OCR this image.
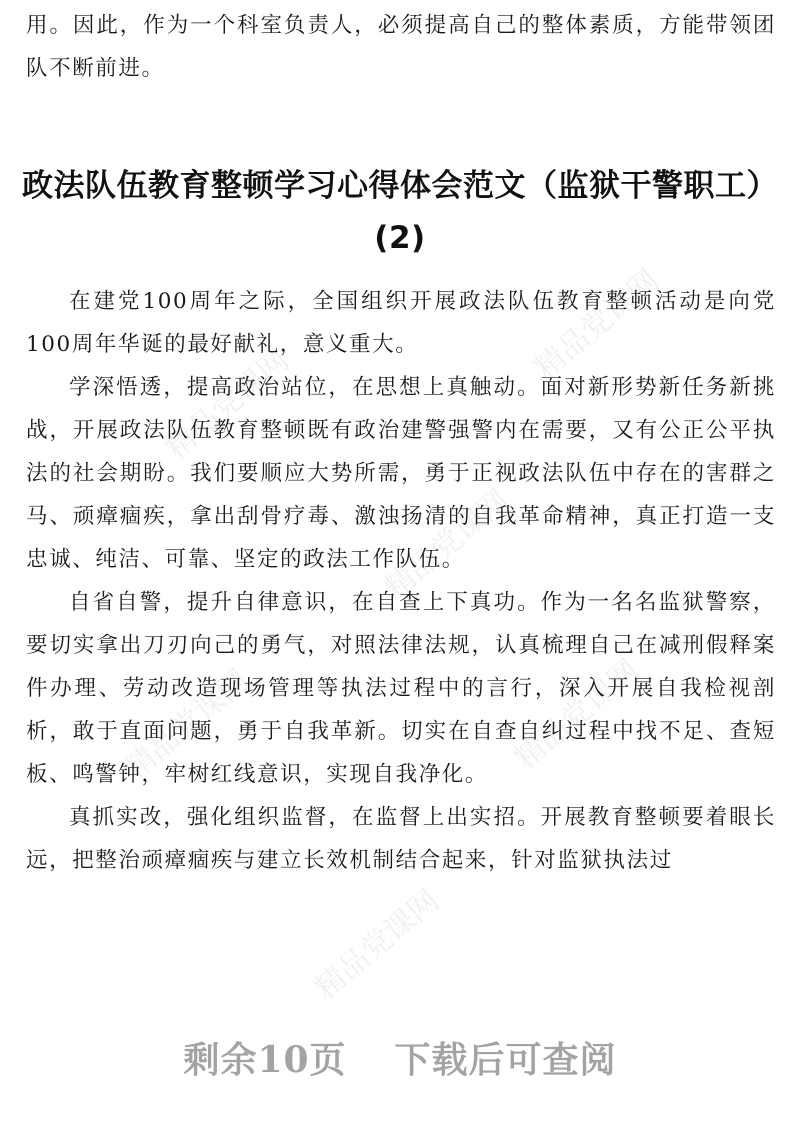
精品党课网
精品党课网
精品党课网
精品党课网	精品党课网
精品党课网
用。因此，作为一个科室负责人，必须提高自己的整体素质，方能带领团队不断前进。
政法队伍教育整顿学习心得体会范文（监狱干警职工）(2)

在建党100周年之际，全国组织开展政法队伍教育整顿活动是向党100周年华诞的最好献礼，意义重大。

学深悟透，提高政治站位，在思想上真触动。面对新形势新任务新挑战，开展政法队伍教育整顿既有政治建警强警内在需要，又有公正公平执法的社会期盼。我们要顺应大势所需，勇于正视政法队伍中存在的害群之马、顽瘴痼疾，拿出刮骨疗毒、激浊扬清的自我革命精神，真正打造一支忠诚、纯洁、可靠、坚定的政法工作队伍。

自省自警，提升自律意识，在自查上下真功。作为一名名监狱警察，要切实拿出刀刃向己的勇气，对照法律法规，认真梳理自己在减刑假释案件办理、劳动改造现场管理等执法过程中的言行，深入开展自我检视剖析，敢于直面问题，勇于自我革新。切实在自查自纠过程中找不足、查短板、鸣警钟，牢树红线意识，实现自我净化。

真抓实改，强化组织监督，在监督上出实招。开展教育整顿要着眼长远，把整治顽瘴痼疾与建立长效机制结合起来，针对监狱执法过

剩余10页 下载后可查阅
